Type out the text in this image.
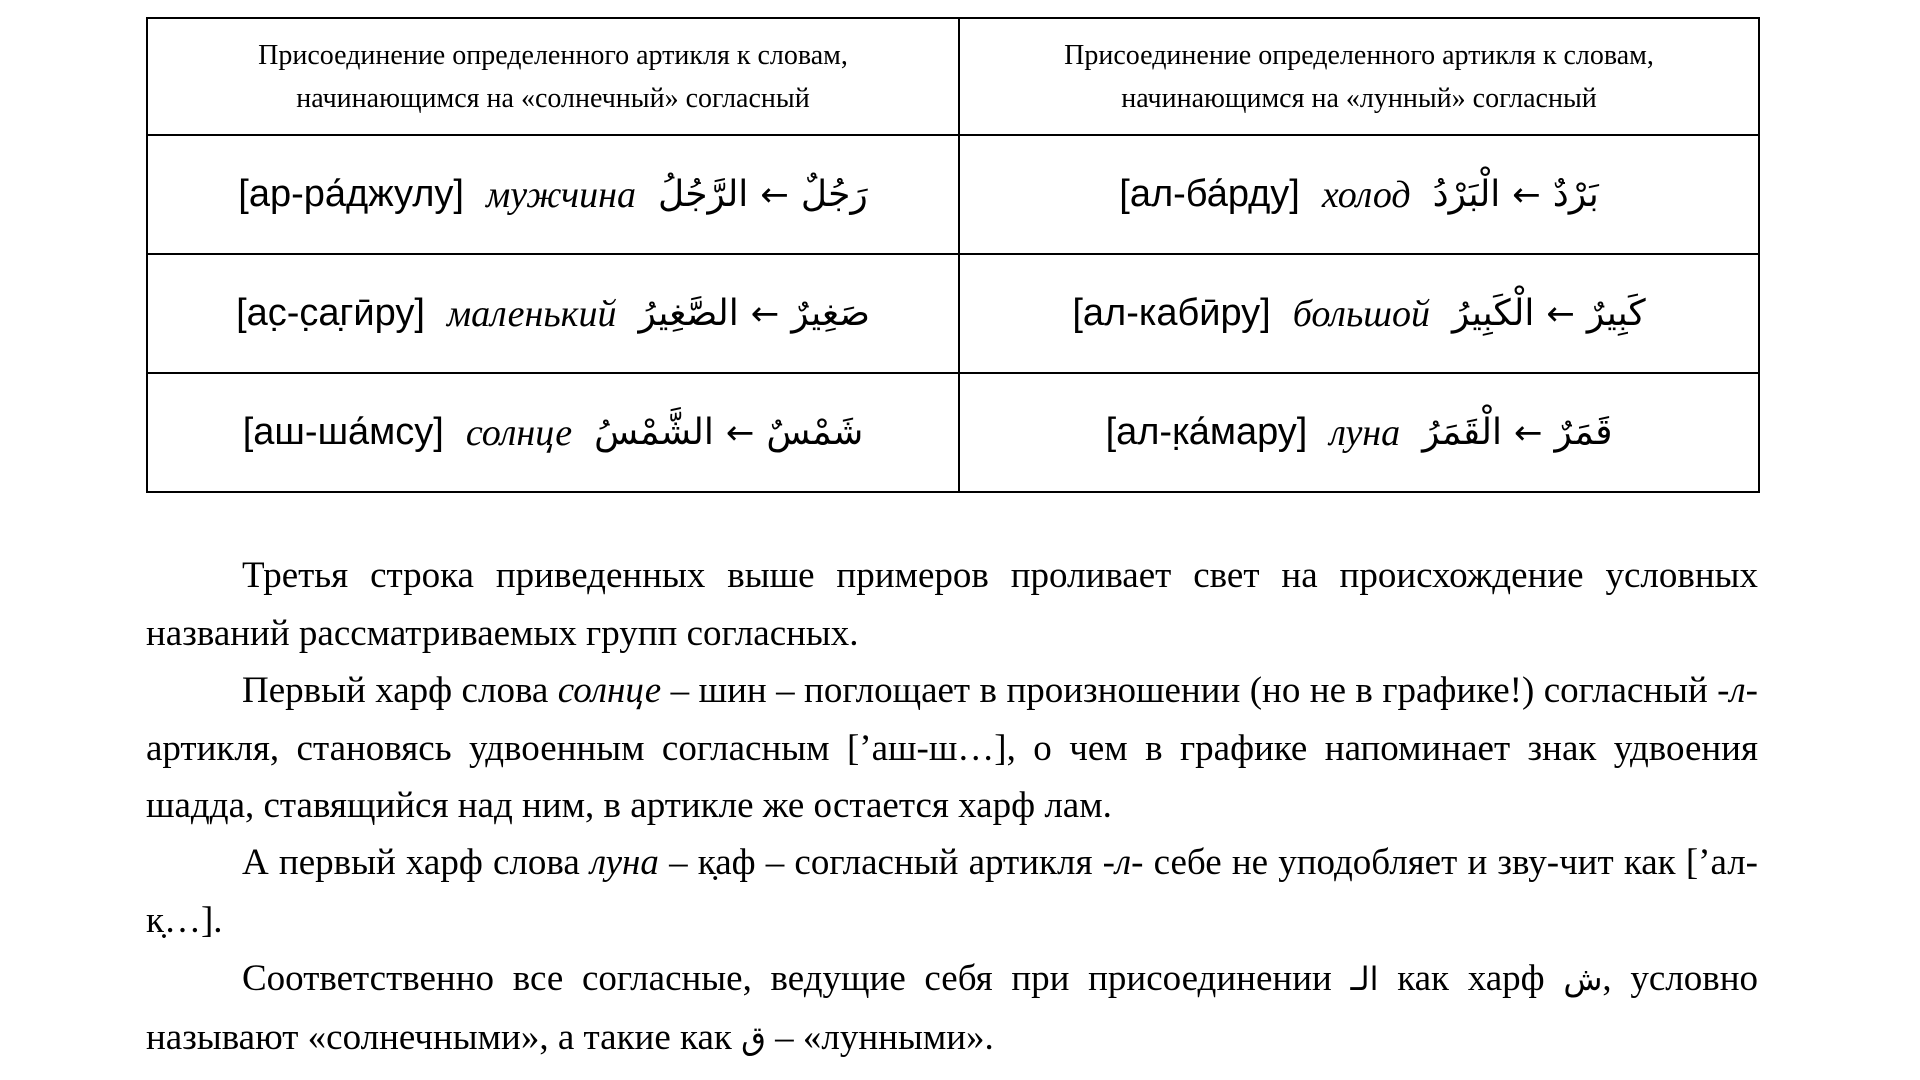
Присоединение определенного артикля к словам,
начинающимся на «солнечный» согласный	Присоединение определенного артикля к словам,
начинающимся на «лунный» согласный

[ар-ра́джулу] мужчина الرَّجُلُ ← رَجُلٌ	[ал-ба́рду] холод الْبَرْدُ ← بَرْدٌ

[ас̣-с̣аг̣ӣру] маленький الصَّغِيرُ ← صَغِيرٌ	[ал-кабӣру] большой الْكَبِيرُ ← كَبِيرٌ

[аш-ша́мсу] солнце الشَّمْسُ ← شَمْسٌ	[ал-к̣а́мару] луна الْقَمَرُ ← قَمَرٌ

Третья строка приведенных выше примеров проливает свет на происхождение условных названий рассматриваемых групп согласных.

Первый харф слова солнце – шин – поглощает в произношении (но не в графике!) согласный -л- артикля, становясь удвоенным согласным [’аш-ш…], о чем в графике напоминает знак удвоения шадда, ставящийся над ним, в артикле же остается харф лам.

А первый харф слова луна – к̣аф – согласный артикля -л- себе не уподобляет и зву-чит как [’ал-к̣…].

Соответственно все согласные, ведущие себя при присоединении الـ как харф ش, условно называют «солнечными», а такие как ق – «лунными».
